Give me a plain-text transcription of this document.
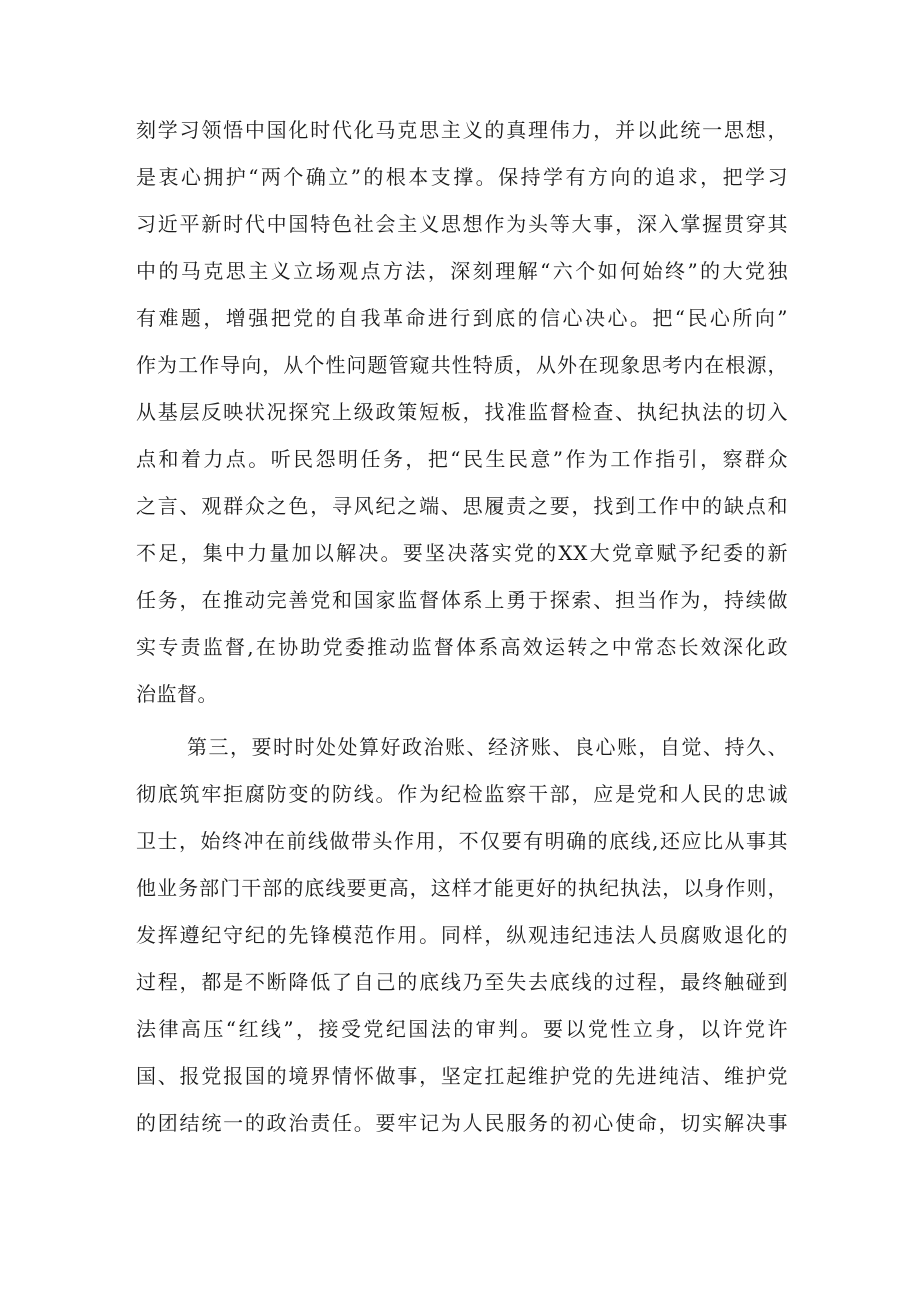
刻学习领悟中国化时代化马克思主义的真理伟力，并以此统一思想，
是衷心拥护“两个确立”的根本支撑。保持学有方向的追求，把学习
习近平新时代中国特色社会主义思想作为头等大事，深入掌握贯穿其
中的马克思主义立场观点方法，深刻理解“六个如何始终”的大党独
有难题，增强把党的自我革命进行到底的信心决心。把“民心所向”
作为工作导向，从个性问题管窥共性特质，从外在现象思考内在根源，
从基层反映状况探究上级政策短板，找准监督检查、执纪执法的切入
点和着力点。听民怨明任务，把“民生民意”作为工作指引，察群众
之言、观群众之色，寻风纪之端、思履责之要，找到工作中的缺点和
不足，集中力量加以解决。要坚决落实党的XX大党章赋予纪委的新
任务，在推动完善党和国家监督体系上勇于探索、担当作为，持续做
实专责监督,在协助党委推动监督体系高效运转之中常态长效深化政
治监督。
第三，要时时处处算好政治账、经济账、良心账，自觉、持久、
彻底筑牢拒腐防变的防线。作为纪检监察干部，应是党和人民的忠诚
卫士，始终冲在前线做带头作用，不仅要有明确的底线,还应比从事其
他业务部门干部的底线要更高，这样才能更好的执纪执法，以身作则，
发挥遵纪守纪的先锋模范作用。同样，纵观违纪违法人员腐败退化的
过程，都是不断降低了自己的底线乃至失去底线的过程，最终触碰到
法律高压“红线”，接受党纪国法的审判。要以党性立身，以许党许
国、报党报国的境界情怀做事，坚定扛起维护党的先进纯洁、维护党
的团结统一的政治责任。要牢记为人民服务的初心使命，切实解决事
